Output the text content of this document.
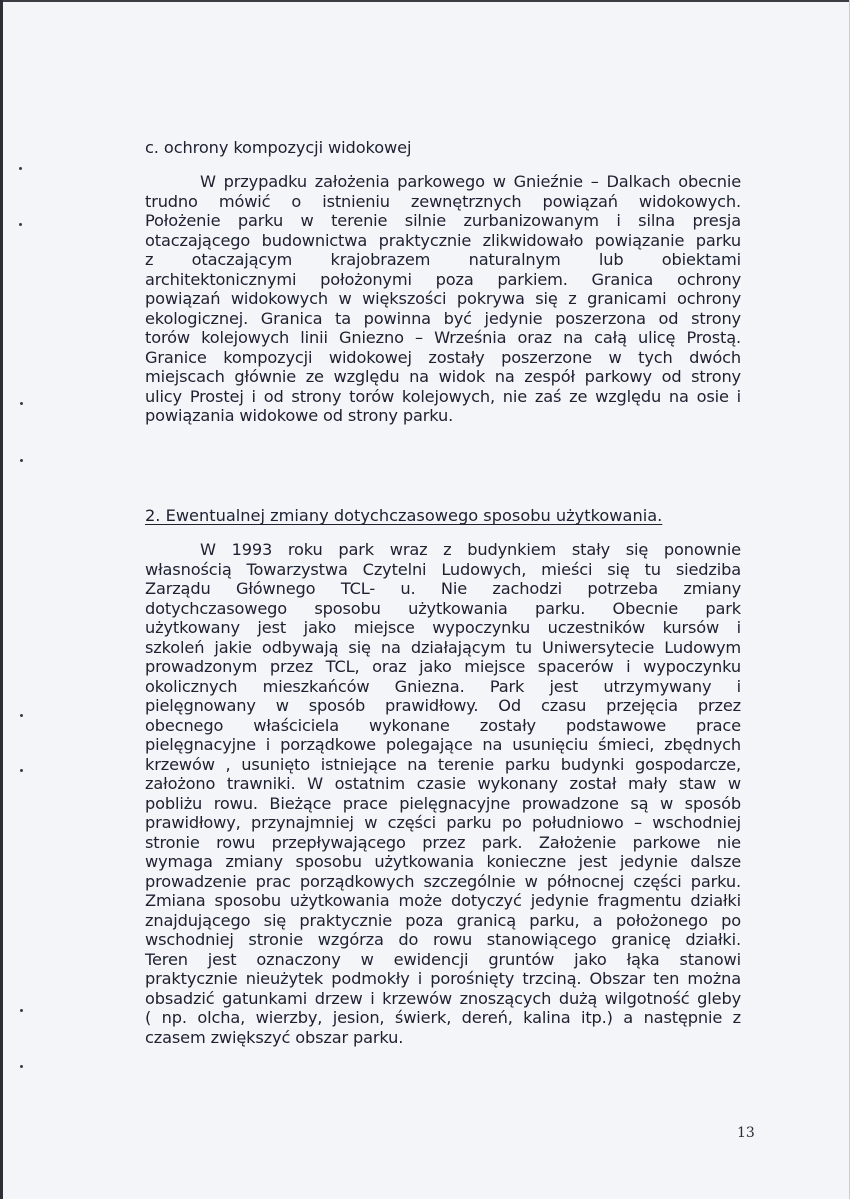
c. ochrony kompozycji widokowej
W przypadku założenia parkowego w Gnieźnie – Dalkach obecnie
trudno mówić o istnieniu zewnętrznych powiązań widokowych.
Położenie parku w terenie silnie zurbanizowanym i silna presja
otaczającego budownictwa praktycznie zlikwidowało powiązanie parku
z otaczającym krajobrazem naturalnym lub obiektami
architektonicznymi położonymi poza parkiem. Granica ochrony
powiązań widokowych w większości pokrywa się z granicami ochrony
ekologicznej. Granica ta powinna być jedynie poszerzona od strony
torów kolejowych linii Gniezno – Września oraz na całą ulicę Prostą.
Granice kompozycji widokowej zostały poszerzone w tych dwóch
miejscach głównie ze względu na widok na zespół parkowy od strony
ulicy Prostej i od strony torów kolejowych, nie zaś ze względu na osie i
powiązania widokowe od strony parku.
2. Ewentualnej zmiany dotychczasowego sposobu użytkowania.
W 1993 roku park wraz z budynkiem stały się ponownie
własnością Towarzystwa Czytelni Ludowych, mieści się tu siedziba
Zarządu Głównego TCL- u. Nie zachodzi potrzeba zmiany
dotychczasowego sposobu użytkowania parku. Obecnie park
użytkowany jest jako miejsce wypoczynku uczestników kursów i
szkoleń jakie odbywają się na działającym tu Uniwersytecie Ludowym
prowadzonym przez TCL, oraz jako miejsce spacerów i wypoczynku
okolicznych mieszkańców Gniezna. Park jest utrzymywany i
pielęgnowany w sposób prawidłowy. Od czasu przejęcia przez
obecnego właściciela wykonane zostały podstawowe prace
pielęgnacyjne i porządkowe polegające na usunięciu śmieci, zbędnych
krzewów , usunięto istniejące na terenie parku budynki gospodarcze,
założono trawniki. W ostatnim czasie wykonany został mały staw w
pobliżu rowu. Bieżące prace pielęgnacyjne prowadzone są w sposób
prawidłowy, przynajmniej w części parku po południowo – wschodniej
stronie rowu przepływającego przez park. Założenie parkowe nie
wymaga zmiany sposobu użytkowania konieczne jest jedynie dalsze
prowadzenie prac porządkowych szczególnie w północnej części parku.
Zmiana sposobu użytkowania może dotyczyć jedynie fragmentu działki
znajdującego się praktycznie poza granicą parku, a położonego po
wschodniej stronie wzgórza do rowu stanowiącego granicę działki.
Teren jest oznaczony w ewidencji gruntów jako łąka stanowi
praktycznie nieużytek podmokły i porośnięty trzciną. Obszar ten można
obsadzić gatunkami drzew i krzewów znoszących dużą wilgotność gleby
( np. olcha, wierzby, jesion, świerk, dereń, kalina itp.) a następnie z
czasem zwiększyć obszar parku.
13
